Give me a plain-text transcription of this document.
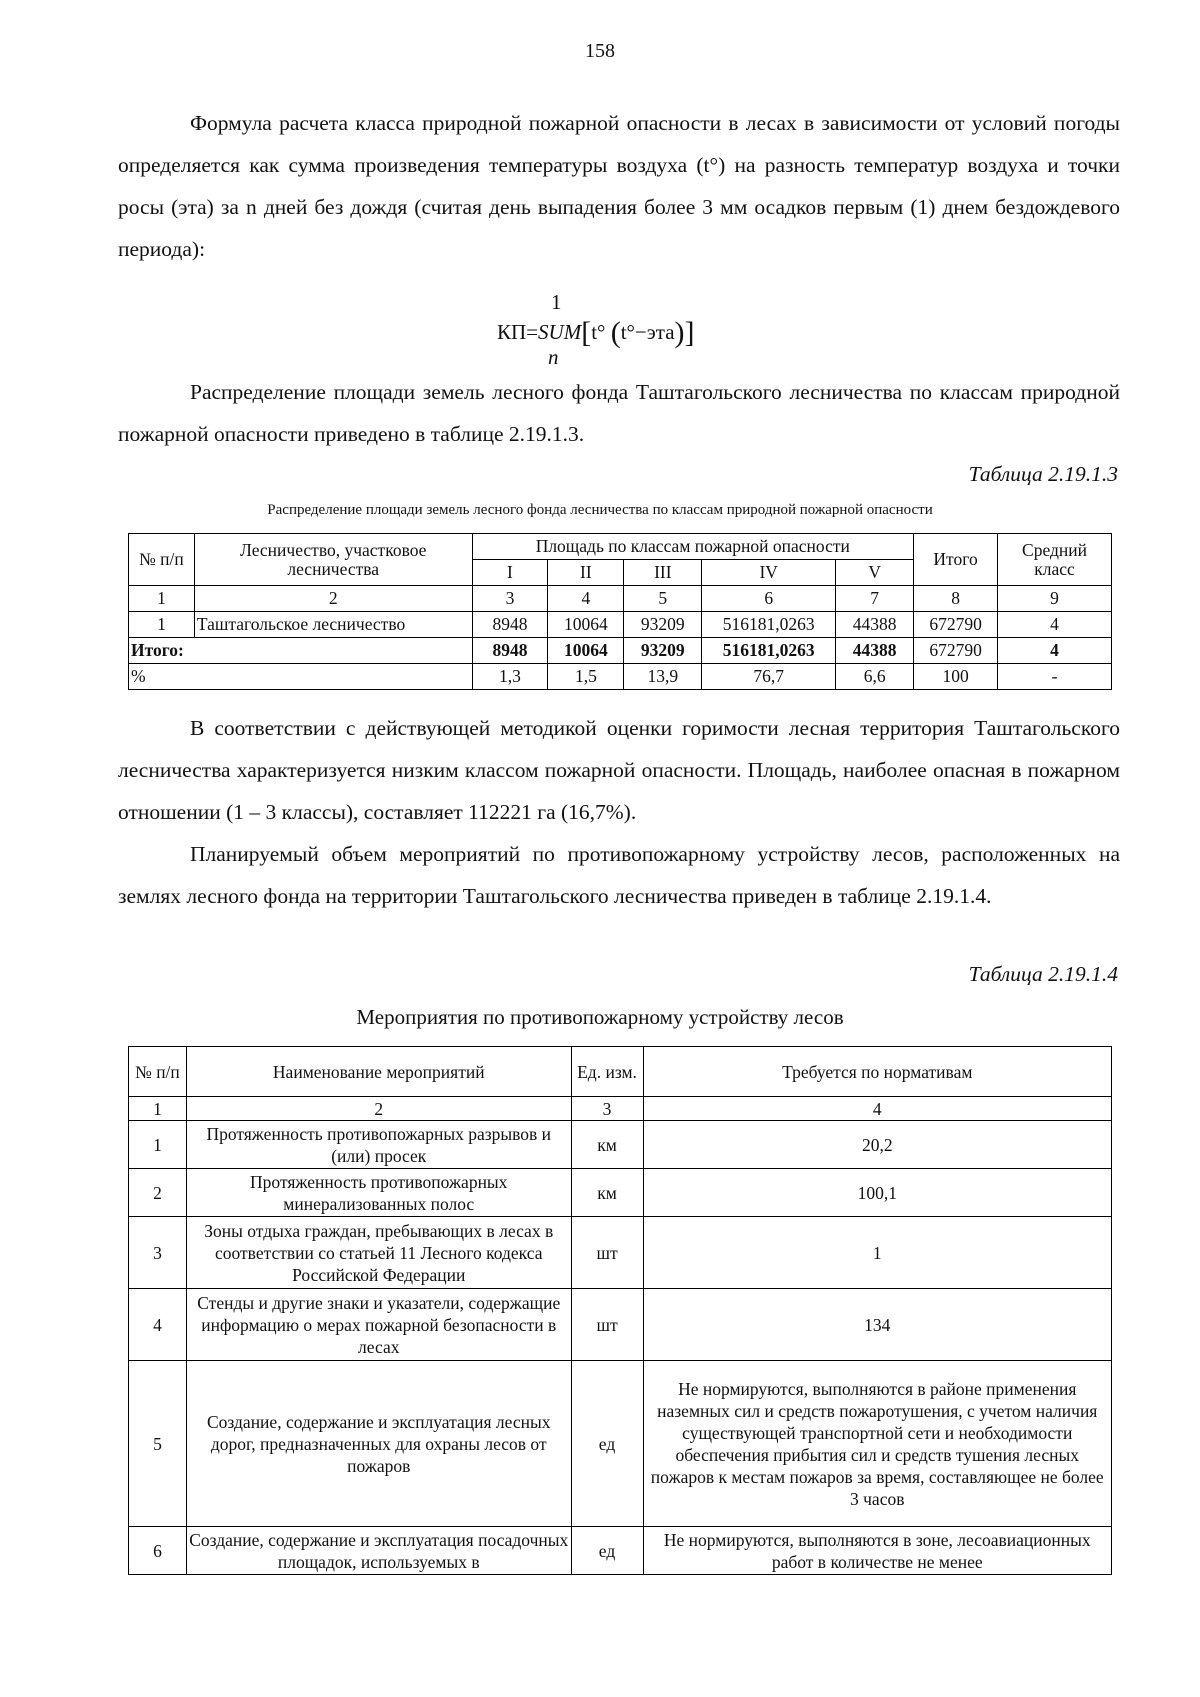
158

Формула расчета класса природной пожарной опасности в лесах в зависимости от условий погоды определяется как сумма произведения температуры воздуха (t°) на разность температур воздуха и точки росы (эта) за n дней без дождя (считая день выпадения более 3 мм осадков первым (1) днем бездождевого периода):

1
КП=SUM[t° (t°−эта)]
n

Распределение площади земель лесного фонда Таштагольского лесничества по классам природной пожарной опасности приведено в таблице 2.19.1.3.

Таблица 2.19.1.3
Распределение площади земель лесного фонда лесничества по классам природной пожарной опасности
№ п/п	Лесничество, участковое лесничества	Площадь по классам пожарной опасности					Итого	Средний класс
		I	II	III	IV	V		
1	2	3	4	5	6	7	8	9
1	Таштагольское лесничество	8948	10064	93209	516181,0263	44388	672790	4
Итого:		8948	10064	93209	516181,0263	44388	672790	4
%		1,3	1,5	13,9	76,7	6,6	100	-

В соответствии с действующей методикой оценки горимости лесная территория Таштагольского лесничества характеризуется низким классом пожарной опасности. Площадь, наиболее опасная в пожарном отношении (1 – 3 классы), составляет 112221 га (16,7%).

Планируемый объем мероприятий по противопожарному устройству лесов, расположенных на землях лесного фонда на территории Таштагольского лесничества приведен в таблице 2.19.1.4.

Таблица 2.19.1.4
Мероприятия по противопожарному устройству лесов
№ п/п	Наименование мероприятий	Ед. изм.	Требуется по нормативам
1	2	3	4
1	Протяженность противопожарных разрывов и (или) просек	км	20,2
2	Протяженность противопожарных минерализованных полос	км	100,1
3	Зоны отдыха граждан, пребывающих в лесах в соответствии со статьей 11 Лесного кодекса Российской Федерации	шт	1
4	Стенды и другие знаки и указатели, содержащие информацию о мерах пожарной безопасности в лесах	шт	134
5	Создание, содержание и эксплуатация лесных дорог, предназначенных для охраны лесов от пожаров	ед	Не нормируются, выполняются в районе применения наземных сил и средств пожаротушения, с учетом наличия существующей транспортной сети и необходимости обеспечения прибытия сил и средств тушения лесных пожаров к местам пожаров за время, составляющее не более 3 часов
6	Создание, содержание и эксплуатация посадочных площадок, используемых в	ед	Не нормируются, выполняются в зоне, лесоавиационных работ в количестве не менее
